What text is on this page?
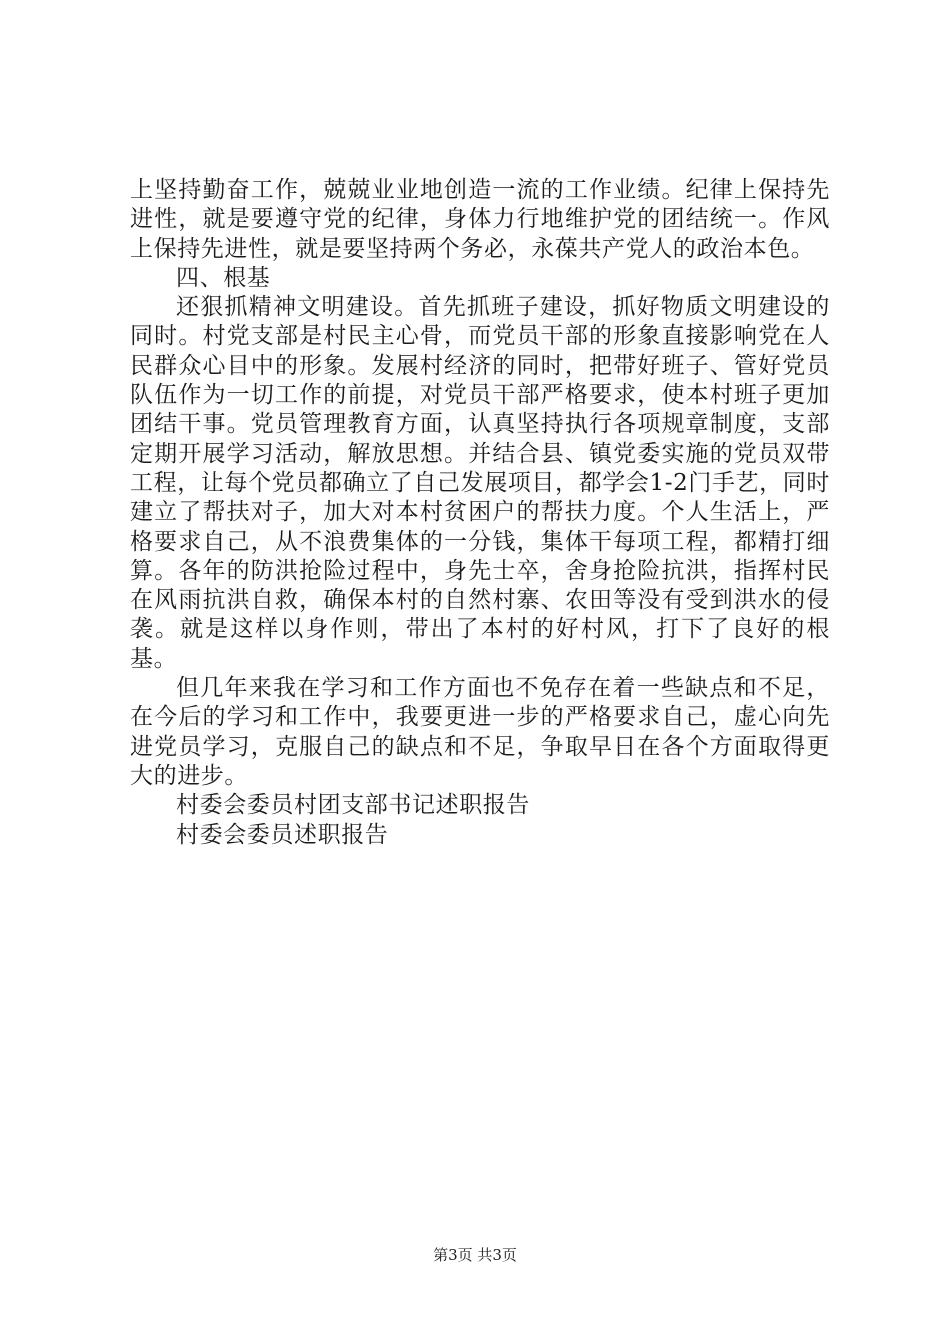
上坚持勤奋工作，兢兢业业地创造一流的工作业绩。纪律上保持先进性，就是要遵守党的纪律，身体力行地维护党的团结统一。作风上保持先进性，就是要坚持两个务必，永葆共产党人的政治本色。

四、根基

还狠抓精神文明建设。首先抓班子建设，抓好物质文明建设的同时。村党支部是村民主心骨，而党员干部的形象直接影响党在人民群众心目中的形象。发展村经济的同时，把带好班子、管好党员队伍作为一切工作的前提，对党员干部严格要求，使本村班子更加团结干事。党员管理教育方面，认真坚持执行各项规章制度，支部定期开展学习活动，解放思想。并结合县、镇党委实施的党员双带工程，让每个党员都确立了自己发展项目，都学会1-2门手艺，同时建立了帮扶对子，加大对本村贫困户的帮扶力度。个人生活上，严格要求自己，从不浪费集体的一分钱，集体干每项工程，都精打细算。各年的防洪抢险过程中，身先士卒，舍身抢险抗洪，指挥村民在风雨抗洪自救，确保本村的自然村寨、农田等没有受到洪水的侵袭。就是这样以身作则，带出了本村的好村风，打下了良好的根基。

但几年来我在学习和工作方面也不免存在着一些缺点和不足，在今后的学习和工作中，我要更进一步的严格要求自己，虚心向先进党员学习，克服自己的缺点和不足，争取早日在各个方面取得更大的进步。

村委会委员村团支部书记述职报告

村委会委员述职报告

第3页 共3页
